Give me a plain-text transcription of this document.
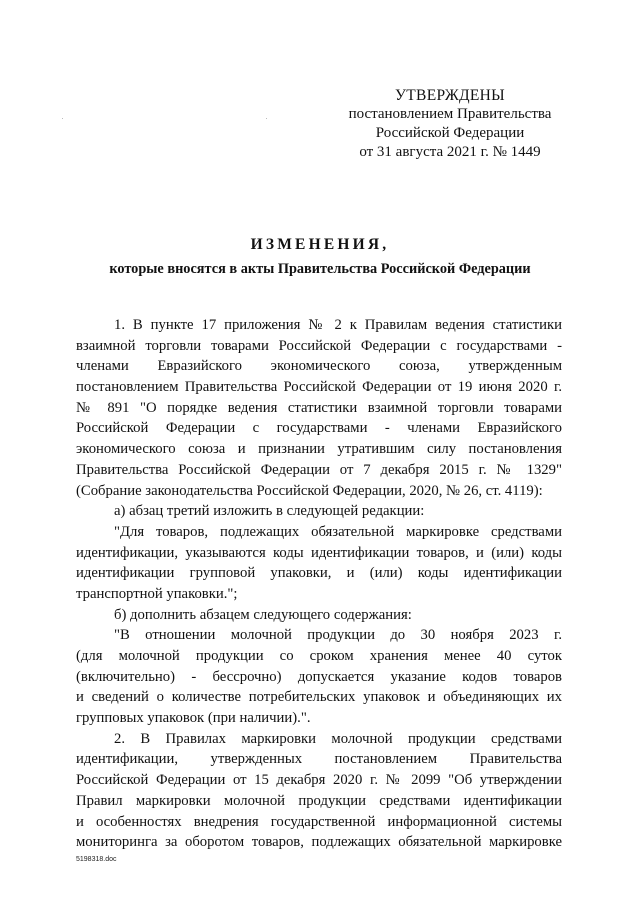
УТВЕРЖДЕНЫ
постановлением Правительства
Российской Федерации
от 31 августа 2021 г. № 1449
ИЗМЕНЕНИЯ,
которые вносятся в акты Правительства Российской Федерации
1. В пункте 17 приложения № 2 к Правилам ведения статистики
взаимной торговли товарами Российской Федерации с государствами -
членами Евразийского экономического союза, утвержденным
постановлением Правительства Российской Федерации от 19 июня 2020 г.
№ 891 "О порядке ведения статистики взаимной торговли товарами
Российской Федерации с государствами - членами Евразийского
экономического союза и признании утратившим силу постановления
Правительства Российской Федерации от 7 декабря 2015 г. № 1329"
(Собрание законодательства Российской Федерации, 2020, № 26, ст. 4119):
а) абзац третий изложить в следующей редакции:
"Для товаров, подлежащих обязательной маркировке средствами
идентификации, указываются коды идентификации товаров, и (или) коды
идентификации групповой упаковки, и (или) коды идентификации
транспортной упаковки.";
б) дополнить абзацем следующего содержания:
"В отношении молочной продукции до 30 ноября 2023 г.
(для молочной продукции со сроком хранения менее 40 суток
(включительно) - бессрочно) допускается указание кодов товаров
и сведений о количестве потребительских упаковок и объединяющих их
групповых упаковок (при наличии).".
2. В Правилах маркировки молочной продукции средствами
идентификации, утвержденных постановлением Правительства
Российской Федерации от 15 декабря 2020 г. № 2099 "Об утверждении
Правил маркировки молочной продукции средствами идентификации
и особенностях внедрения государственной информационной системы
мониторинга за оборотом товаров, подлежащих обязательной маркировке
5198318.doc
